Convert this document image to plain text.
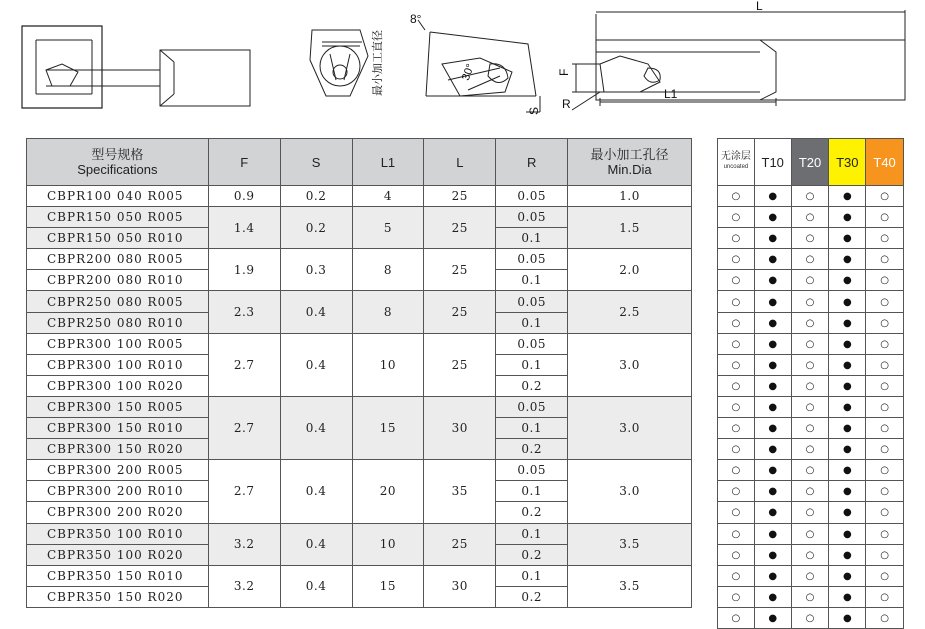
8°
30°
S
L
L1
F
R
最小加工直径
型号规格
Specifications	F	S	L1	L	R	最小加工孔径
Min.Dia
CBPR100 040 R005	0.9	0.2	4	25	0.05	1.0
CBPR150 050 R005	1.4	0.2	5	25	0.05	1.5
CBPR150 050 R010					0.1	
CBPR200 080 R005	1.9	0.3	8	25	0.05	2.0
CBPR200 080 R010					0.1	
CBPR250 080 R005	2.3	0.4	8	25	0.05	2.5
CBPR250 080 R010					0.1	
CBPR300 100 R005	2.7	0.4	10	25	0.05	3.0
CBPR300 100 R010					0.1	
CBPR300 100 R020					0.2	
CBPR300 150 R005	2.7	0.4	15	30	0.05	3.0
CBPR300 150 R010					0.1	
CBPR300 150 R020					0.2	
CBPR300 200 R005	2.7	0.4	20	35	0.05	3.0
CBPR300 200 R010					0.1	
CBPR300 200 R020					0.2	
CBPR350 100 R010	3.2	0.4	10	25	0.1	3.5
CBPR350 100 R020					0.2	
CBPR350 150 R010	3.2	0.4	15	30	0.1	3.5
CBPR350 150 R020					0.2	
无涂层
uncoated	T10	T20	T30	T40
○	●	○	●	○
○	●	○	●	○
○	●	○	●	○
○	●	○	●	○
○	●	○	●	○
○	●	○	●	○
○	●	○	●	○
○	●	○	●	○
○	●	○	●	○
○	●	○	●	○
○	●	○	●	○
○	●	○	●	○
○	●	○	●	○
○	●	○	●	○
○	●	○	●	○
○	●	○	●	○
○	●	○	●	○
○	●	○	●	○
○	●	○	●	○
○	●	○	●	○
○	●	○	●	○
